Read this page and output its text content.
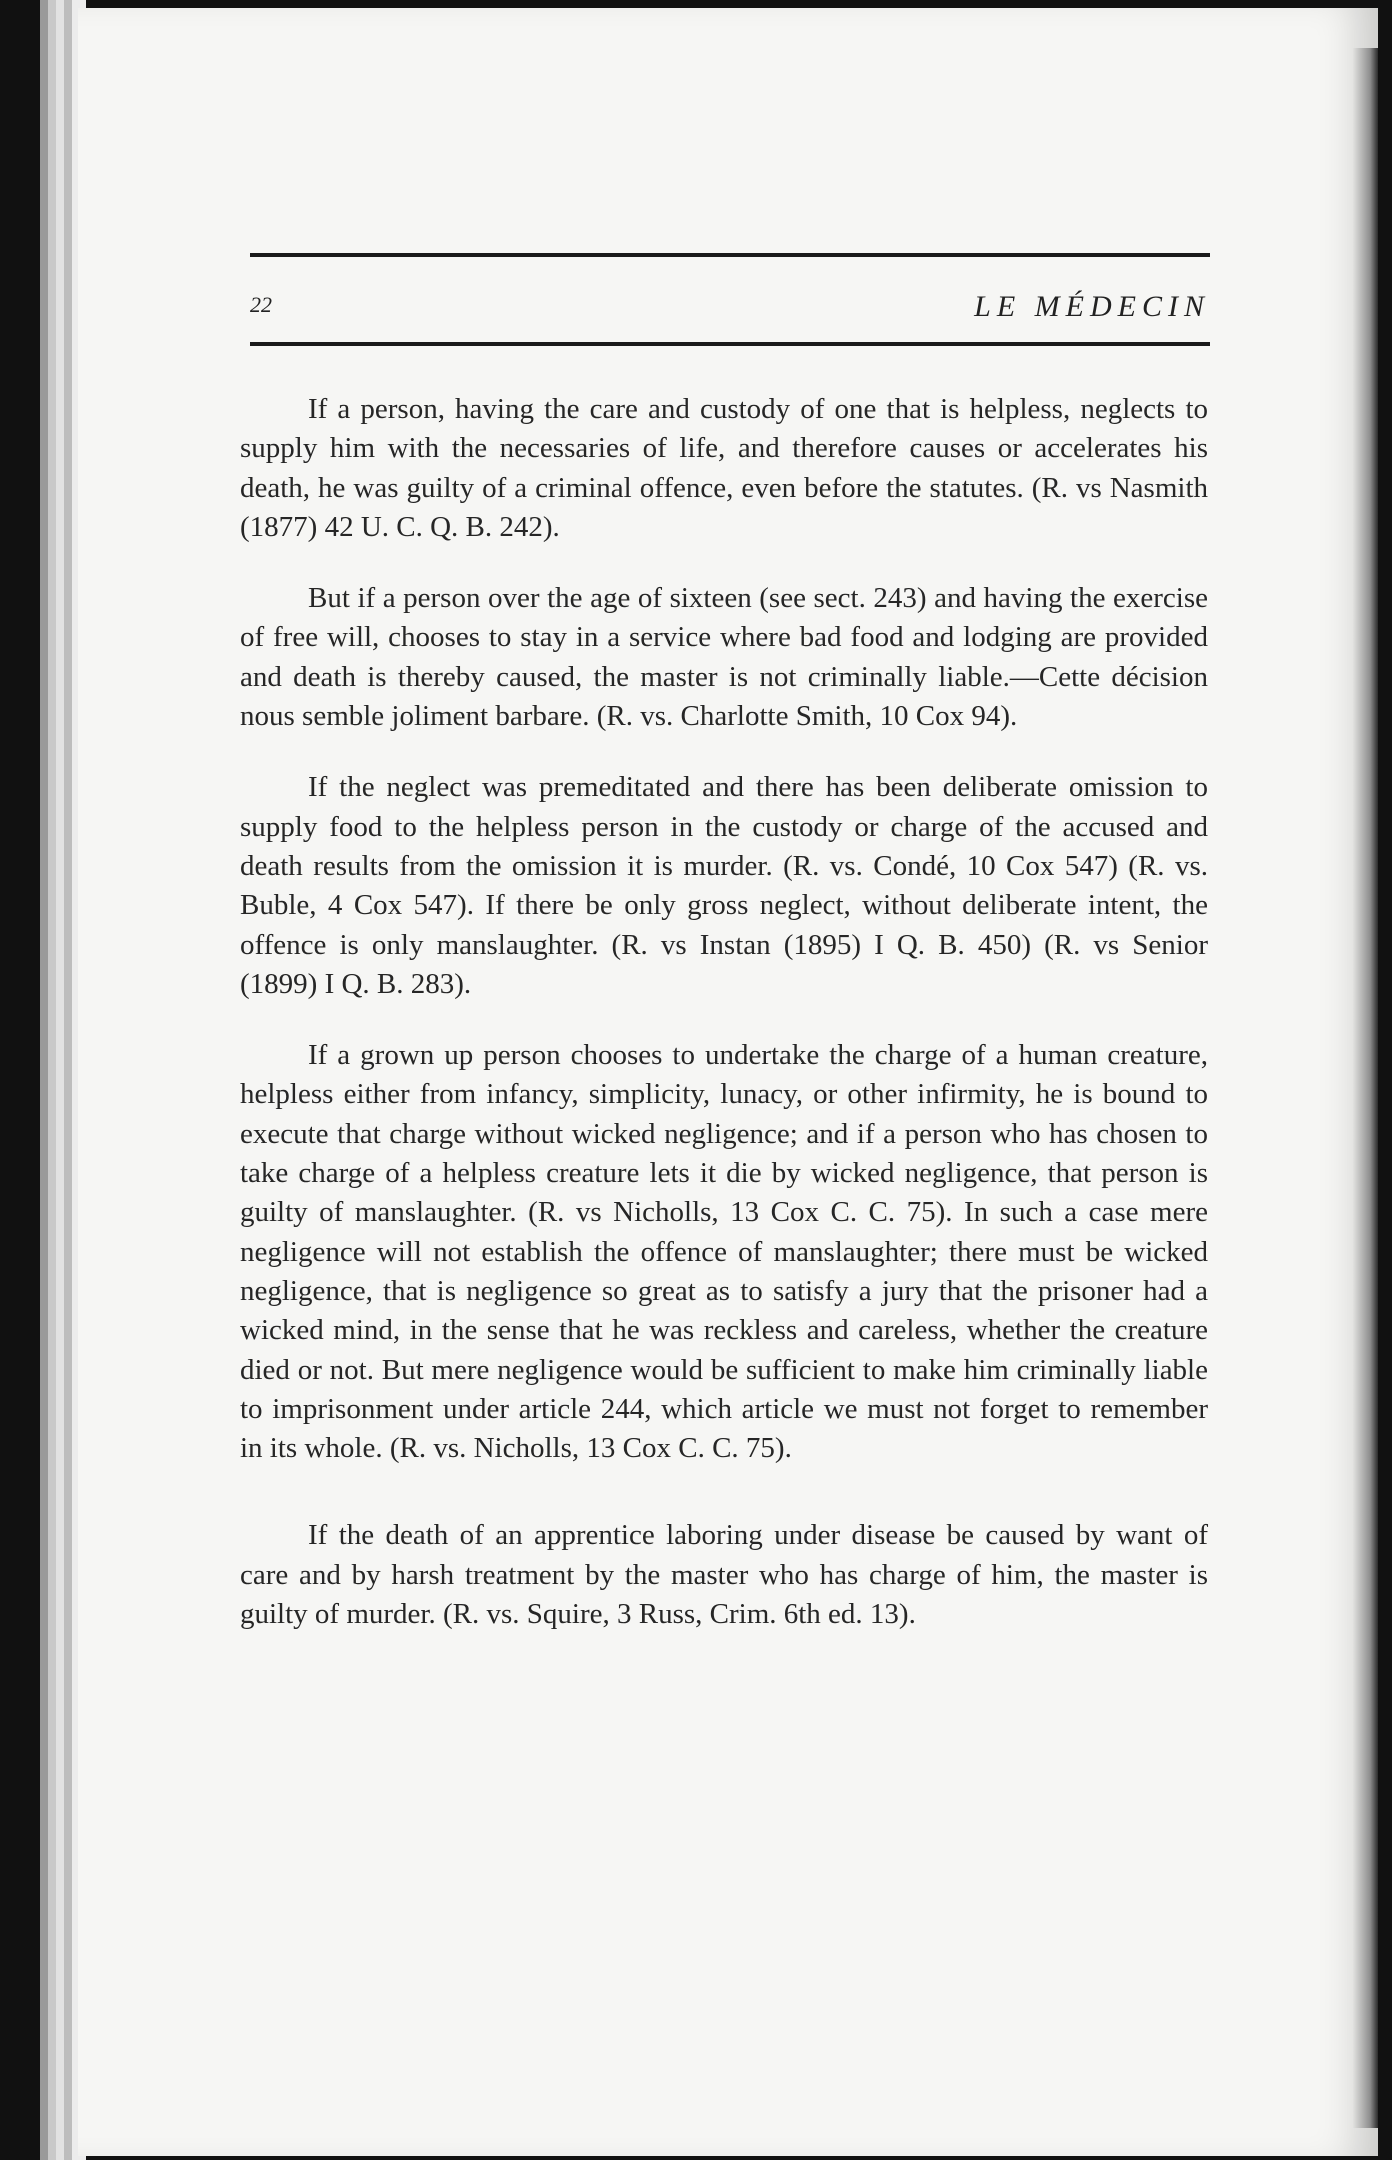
22	LE MÉDECIN

If a person, having the care and custody of one that is helpless, neglects to supply him with the necessaries of life, and therefore causes or accelerates his death, he was guilty of a criminal offence, even before the statutes. (R. vs Nasmith (1877) 42 U. C. Q. B. 242).

But if a person over the age of sixteen (see sect. 243) and having the exercise of free will, chooses to stay in a service where bad food and lodging are provided and death is thereby caused, the master is not criminally liable.—Cette décision nous semble joliment barbare. (R. vs. Charlotte Smith, 10 Cox 94).

If the neglect was premeditated and there has been deliberate omission to supply food to the helpless person in the custody or charge of the accused and death results from the omission it is murder. (R. vs. Condé, 10 Cox 547) (R. vs. Buble, 4 Cox 547). If there be only gross neglect, without deliberate intent, the offence is only manslaughter. (R. vs Instan (1895) I Q. B. 450) (R. vs Senior (1899) I Q. B. 283).

If a grown up person chooses to undertake the charge of a human creature, helpless either from infancy, simplicity, lunacy, or other infirmity, he is bound to execute that charge without wicked negligence; and if a person who has chosen to take charge of a helpless creature lets it die by wicked negligence, that person is guilty of manslaughter. (R. vs Nicholls, 13 Cox C. C. 75). In such a case mere negligence will not establish the offence of manslaughter; there must be wicked negligence, that is negligence so great as to satisfy a jury that the prisoner had a wicked mind, in the sense that he was reckless and careless, whether the creature died or not. But mere negligence would be sufficient to make him criminally liable to imprisonment under article 244, which article we must not forget to remember in its whole. (R. vs. Nicholls, 13 Cox C. C. 75).

If the death of an apprentice laboring under disease be caused by want of care and by harsh treatment by the master who has charge of him, the master is guilty of murder. (R. vs. Squire, 3 Russ, Crim. 6th ed. 13).
